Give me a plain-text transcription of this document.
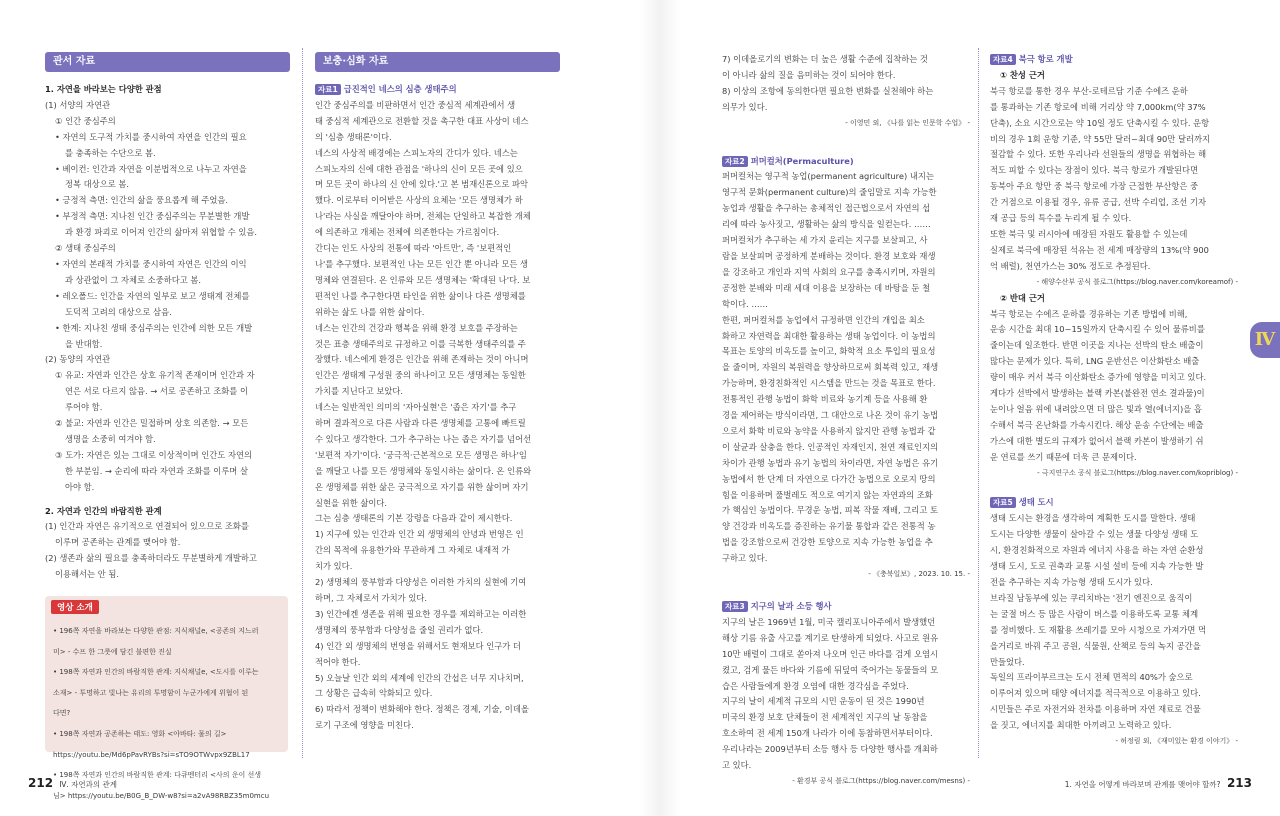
관서 자료

1. 자연을 바라보는 다양한 관점

(1) 서양의 자연관

① 인간 중심주의

• 자연의 도구적 가치를 중시하여 자연을 인간의 필요

를 충족하는 수단으로 봄.

• 베이컨: 인간과 자연을 이분법적으로 나누고 자연을

정복 대상으로 봄.

• 긍정적 측면: 인간의 삶을 풍요롭게 해 주었음.

• 부정적 측면: 지나친 인간 중심주의는 무분별한 개발

과 환경 파괴로 이어져 인간의 삶마저 위협할 수 있음.

② 생태 중심주의

• 자연의 본래적 가치를 중시하여 자연은 인간의 이익

과 상관없이 그 자체로 소중하다고 봄.

• 레오폴드: 인간을 자연의 일부로 보고 생태계 전체를

도덕적 고려의 대상으로 삼음.

• 한계: 지나친 생태 중심주의는 인간에 의한 모든 개발

을 반대함.

(2) 동양의 자연관

① 유교: 자연과 인간은 상호 유기적 존재이며 인간과 자

연은 서로 다르지 않음. → 서로 공존하고 조화를 이

루어야 함.

② 불교: 자연과 인간은 밀접하며 상호 의존함. → 모든

생명을 소중히 여겨야 함.

③ 도가: 자연은 있는 그대로 이상적이며 인간도 자연의

한 부분임. → 순리에 따라 자연과 조화를 이루며 살

아야 함.

2. 자연과 인간의 바람직한 관계

(1) 인간과 자연은 유기적으로 연결되어 있으므로 조화를

이루며 공존하는 관계를 맺어야 함.

(2) 생존과 삶의 필요를 충족하더라도 무분별하게 개발하고

이용해서는 안 됨.

보충·심화 자료

자료1 급진적인 네스의 심층 생태주의

인간 중심주의를 비판하면서 인간 중심적 세계관에서 생

태 중심적 세계관으로 전환할 것을 촉구한 대표 사상이 네스

의 '심층 생태론'이다.

네스의 사상적 배경에는 스피노자의 간디가 있다. 네스는

스피노자의 신에 대한 관점을 '하나의 신이 모든 곳에 있으

며 모든 곳이 하나의 신 안에 있다.'고 본 범재신론으로 파악

했다. 이로부터 이어받은 사상의 요체는 '모든 생명체가 하

나'라는 사실을 깨달아야 하며, 전체는 단일하고 복잡한 개체

에 의존하고 개체는 전체에 의존한다는 가르침이다.

간디는 인도 사상의 전통에 따라 '아트만', 즉 '보편적인

나'를 추구했다. 보편적인 나는 모든 인간 뿐 아니라 모든 생

명체와 연결된다. 온 인류와 모든 생명체는 '확대된 나'다. 보

편적인 나를 추구한다면 타인을 위한 삶이나 다른 생명체를

위하는 삶도 나를 위한 삶이다.

네스는 인간의 건강과 행복을 위해 환경 보호를 주장하는

것은 표층 생태주의로 규정하고 이를 극복한 생태주의를 주

장했다. 네스에게 환경은 인간을 위해 존재하는 것이 아니며

인간은 생태계 구성원 중의 하나이고 모든 생명체는 동일한

가치를 지닌다고 보았다.

네스는 일반적인 의미의 '자아실현'은 '좁은 자기'를 추구

하며 결과적으로 다른 사람과 다른 생명체를 고통에 빠트릴

수 있다고 생각한다. 그가 추구하는 나는 좁은 자기를 넘어선

'보편적 자기'이다. '궁극적·근본적으로 모든 생명은 하나'임

을 깨달고 나를 모든 생명체와 동일시하는 삶이다. 온 인류와

온 생명체를 위한 삶은 궁극적으로 자기를 위한 삶이며 자기

실현을 위한 삶이다.

그는 심층 생태론의 기본 강령을 다음과 같이 제시한다.

1) 지구에 있는 인간과 인간 외 생명체의 안녕과 번영은 인

간의 목적에 유용한가와 무관하게 그 자체로 내재적 가

치가 있다.

2) 생명체의 풍부함과 다양성은 이러한 가치의 실현에 기여

하며, 그 자체로서 가치가 있다.

3) 인간에겐 생존을 위해 필요한 경우를 제외하고는 이러한

생명체의 풍부함과 다양성을 줄일 권리가 없다.

4) 인간 외 생명체의 번영을 위해서도 현재보다 인구가 더

적어야 한다.

5) 오늘날 인간 외의 세계에 인간의 간섭은 너무 지나치며,

그 상황은 급속히 악화되고 있다.

6) 따라서 정책이 변화해야 한다. 정책은 경제, 기술, 이데올

로기 구조에 영향을 미친다.

영상 소개

• 196쪽 자연을 바라보는 다양한 관점: 지식채널e, <공존의 지느러

미> - 수프 한 그릇에 담긴 불편한 진실

• 198쪽 자연과 인간의 바람직한 관계: 지식채널e, <도시를 이루는

소재> - 투명하고 빛나는 유리의 투명함이 누군가에게 위협이 된

다면?

• 198쪽 자연과 공존하는 태도: 영화 <아바타: 물의 길>

https://youtu.be/Md6pPavRYBs?si=sTO9OTWvpx9ZBL17

• 198쪽 자연과 인간의 바람직한 관계: 다큐멘터리 <사의 운이 선생

님> https://youtu.be/B0G_B_DW-w8?si=a2vA98RBZ35m0mcu

212 Ⅳ. 자연과의 관계

7) 이데올로기의 변화는 더 높은 생활 수준에 집착하는 것

이 아니라 삶의 질을 음미하는 것이 되어야 한다.

8) 이상의 조항에 동의한다면 필요한 변화를 실천해야 하는

의무가 있다.

- 이영민 외, 《나를 읽는 인문학 수업》 -

자료2 퍼머컬처(Permaculture)

퍼머컬처는 영구적 농업(permanent agriculture) 내지는

영구적 문화(permanent culture)의 줄임말로 지속 가능한

농업과 생활을 추구하는 총체적인 접근법으로서 자연의 섭

리에 따라 농사짓고, 생활하는 삶의 방식을 일컫는다. ……

퍼머컬처가 추구하는 세 가지 윤리는 지구를 보살피고, 사

람을 보살피며 공정하게 분배하는 것이다. 환경 보호와 재생

을 강조하고 개인과 지역 사회의 요구를 충족시키며, 자원의

공정한 분배와 미래 세대 이용을 보장하는 데 바탕을 둔 철

학이다. ……

한편, 퍼머컬처를 농업에서 규정하면 인간의 개입을 최소

화하고 자연력을 최대한 활용하는 생태 농업이다. 이 농법의

목표는 토양의 비옥도를 높이고, 화학적 요소 투입의 필요성

을 줄이며, 자원의 복원력을 향상하므로써 회복력 있고, 재생

가능하며, 환경친화적인 시스템을 만드는 것을 목표로 한다.

전통적인 관행 농법이 화학 비료와 농기계 등을 사용해 환

경을 제어하는 방식이라면, 그 대안으로 나온 것이 유기 농법

으로서 화학 비료와 농약을 사용하지 않지만 관행 농법과 같

이 살균과 살충을 한다. 인공적인 자재인지, 천연 재료인지의

차이가 관행 농법과 유기 농법의 차이라면, 자연 농법은 유기

농법에서 한 단계 더 자연으로 다가간 농법으로 오로지 땅의

힘을 이용하며 풀벌레도 적으로 여기지 않는 자연과의 조화

가 핵심인 농법이다. 무경운 농법, 피복 작물 재배, 그리고 토

양 건강과 비옥도를 증진하는 유기물 통합과 같은 전통적 농

법을 강조함으로써 건강한 토양으로 지속 가능한 농업을 추

구하고 있다.

- 《충북일보》, 2023. 10. 15. -

자료3 지구의 날과 소등 행사

지구의 날은 1969년 1월, 미국 캘리포니아주에서 발생했던

해상 기름 유출 사고를 계기로 탄생하게 되었다. 사고로 원유

10만 배럴이 그대로 쏟아져 나오며 인근 바다를 검게 오염시

켰고, 검게 물든 바다와 기름에 뒤덮여 죽어가는 동물들의 모

습은 사람들에게 환경 오염에 대한 경각심을 주었다.

지구의 날이 세계적 규모의 시민 운동이 된 것은 1990년

미국의 환경 보호 단체들이 전 세계적인 지구의 날 동참을

호소하여 전 세계 150개 나라가 이에 동참하면서부터이다.

우리나라는 2009년부터 소등 행사 등 다양한 행사를 개최하

고 있다.

- 환경부 공식 블로그(https://blog.naver.com/mesns) -

자료4 북극 항로 개발

① 찬성 근거

북극 항로를 통한 경우 부산-로테르담 기준 수에즈 운하

를 통과하는 기존 항로에 비해 거리상 약 7,000km(약 37%

단축), 소요 시간으로는 약 10일 정도 단축시킬 수 있다. 운항

비의 경우 1회 운항 기준, 약 55만 달러~최대 90만 달러까지

절감할 수 있다. 또한 우리나라 선원들의 생명을 위협하는 해

적도 피할 수 있다는 장점이 있다. 북극 항로가 개발된다면

동북아 주요 항만 중 북극 항로에 가장 근접한 부산항은 중

간 거점으로 이용될 경우, 유류 공급, 선박 수리업, 조선 기자

재 공급 등의 특수를 누리게 될 수 있다.

또한 북극 및 러시아에 매장된 자원도 활용할 수 있는데

실제로 북극에 매장된 석유는 전 세계 매장량의 13%(약 900

억 배럴), 천연가스는 30% 정도로 추정된다.

- 해양수산부 공식 블로그(https://blog.naver.com/koreamof) -

② 반대 근거

북극 항로는 수에즈 운하를 경유하는 기존 방법에 비해,

운송 시간을 최대 10~15일까지 단축시킬 수 있어 물류비를

줄이는데 일조한다. 반면 이곳을 지나는 선박의 탄소 배출이

많다는 문제가 있다. 특히, LNG 운반선은 이산화탄소 배출

량이 매우 커서 북극 이산화탄소 증가에 영향을 미치고 있다.

게다가 선박에서 발생하는 블랙 카본(불완전 연소 결과물)이

눈이나 얼음 위에 내려앉으면 더 많은 빛과 열(에너지)을 흡

수해서 북극 온난화를 가속시킨다. 해상 운송 수단에는 배출

가스에 대한 별도의 규제가 없어서 블랙 카본이 발생하기 쉬

운 연료를 쓰기 때문에 더욱 큰 문제이다.

- 극지연구소 공식 블로그(https://blog.naver.com/kopriblog) -

자료5 생태 도시

생태 도시는 환경을 생각하여 계획한 도시를 말한다. 생태

도시는 다양한 생물이 살아갈 수 있는 생물 다양성 생태 도

시, 환경친화적으로 자원과 에너지 사용을 하는 자연 순환성

생태 도시, 도로 권축과 교통 시설 설비 등에 지속 가능한 발

전을 추구하는 지속 가능형 생태 도시가 있다.

브라질 남동부에 있는 쿠리치바는 '전기 엔진으로 움직이

는 굴절 버스 등 많은 사람이 버스를 이용하도록 교통 체계

를 정비했다. 도 재활용 쓰레기를 모아 시청으로 가져가면 먹

을거리로 바꿔 주고 공원, 식물원, 산책로 등의 녹지 공간을

만들었다.

독일의 프라이부르크는 도시 전체 면적의 40%가 숲으로

이루어져 있으며 태양 에너지를 적극적으로 이용하고 있다.

시민들은 주로 자전거와 전차를 이용하며 자연 재료로 건물

을 짓고, 에너지를 최대한 아끼려고 노력하고 있다.

- 허정림 외, 《재미있는 환경 이야기》 -

1. 자연을 어떻게 바라보며 관계를 맺어야 할까? 213
Ⅳ
